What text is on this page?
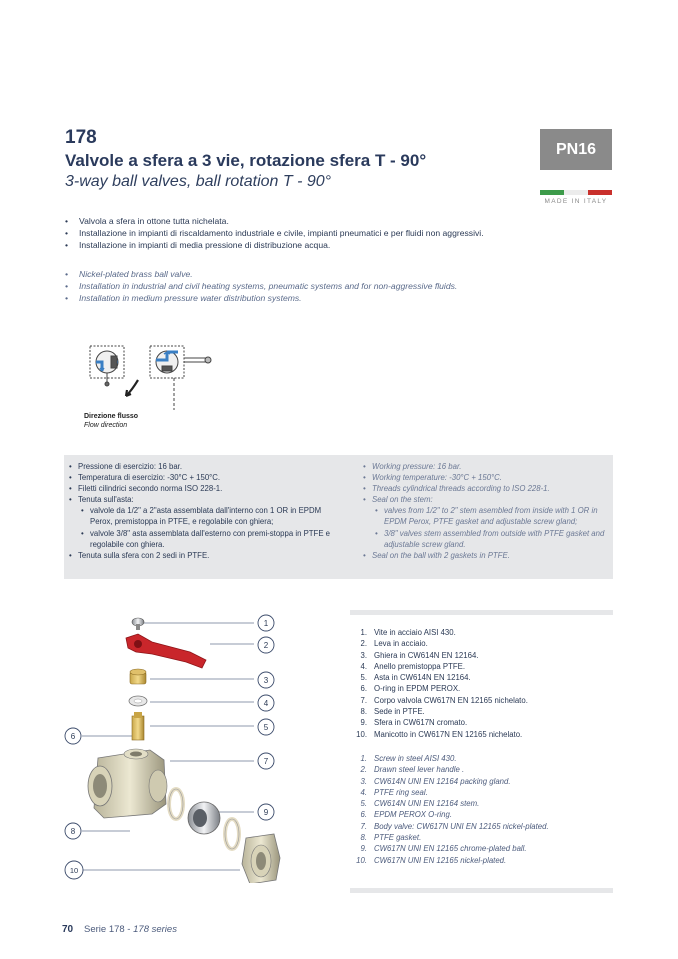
178
Valvole a sfera a 3 vie, rotazione sfera T - 90°
3-way ball valves, ball rotation T - 90°
PN16
MADE IN ITALY
• Valvola a sfera in ottone tutta nichelata.
• Installazione in impianti di riscaldamento industriale e civile, impianti pneumatici e per fluidi non aggressivi.
• Installazione in impianti di media pressione di distribuzione acqua.
• Nickel-plated brass ball valve.
• Installation in industrial and civil heating systems, pneumatic systems and for non-aggressive fluids.
• Installation in medium pressure water distribution systems.
Direzione flusso
Flow direction
• Pressione di esercizio: 16 bar.
• Temperatura di esercizio: -30°C + 150°C.
• Filetti cilindrici secondo norma ISO 228-1.
• Tenuta sull'asta:
• valvole da 1/2" a 2"asta assemblata dall'interno con 1 OR in EPDM Perox, premistoppa in PTFE, e regolabile con ghiera;
• valvole 3/8" asta assemblata dall'esterno con premi-stoppa in PTFE e regolabile con ghiera.
• Tenuta sulla sfera con 2 sedi in PTFE.
• Working pressure: 16 bar.
• Working temperature: -30°C + 150°C.
• Threads cylindrical threads according to ISO 228-1.
• Seal on the stem:
• valves from 1/2" to 2" stem asembled from inside with 1 OR in EPDM Perox, PTFE gasket and adjustable screw gland;
• 3/8" valves stem assembled from outside with PTFE gasket and adjustable screw gland.
• Seal on the ball with 2 gaskets in PTFE.
1
2
3
4
5
6
7
8
9
10
1. Vite in acciaio AISI 430.
2. Leva in acciaio.
3. Ghiera in CW614N EN 12164.
4. Anello premistoppa PTFE.
5. Asta in CW614N EN 12164.
6. O-ring in EPDM PEROX.
7. Corpo valvola CW617N EN 12165 nichelato.
8. Sede in PTFE.
9. Sfera in CW617N cromato.
10. Manicotto in CW617N EN 12165 nichelato.
1. Screw in steel AISI 430.
2. Drawn steel lever handle .
3. CW614N UNI EN 12164 packing gland.
4. PTFE ring seal.
5. CW614N UNI EN 12164 stem.
6. EPDM PEROX O-ring.
7. Body valve: CW617N UNI EN 12165 nickel-plated.
8. PTFE gasket.
9. CW617N UNI EN 12165 chrome-plated ball.
10. CW617N UNI EN 12165 nickel-plated.
70 Serie 178 - 178 series
